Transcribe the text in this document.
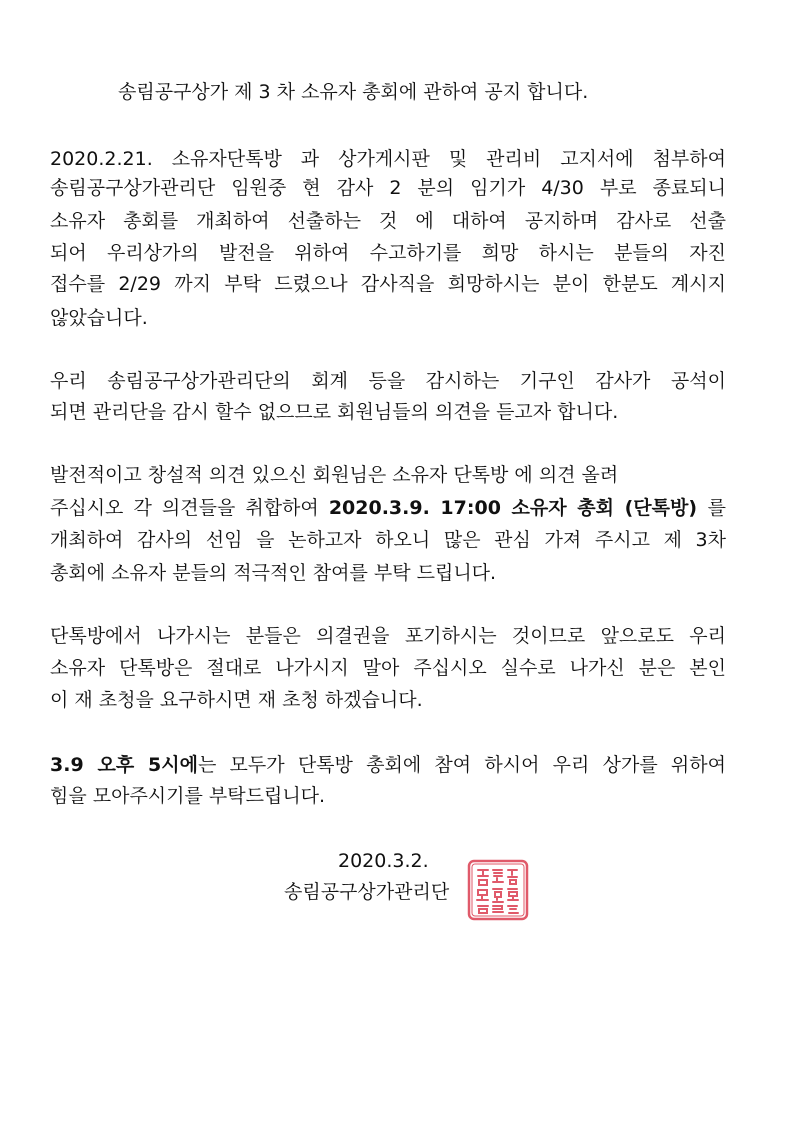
송림공구상가 제 3 차 소유자 총회에 관하여 공지 합니다.

2020.2.21. 소유자단톡방 과 상가게시판 및 관리비 고지서에 첨부하여

송림공구상가관리단 임원중 현 감사 2 분의 임기가 4/30 부로 종료되니

소유자 총회를 개최하여 선출하는 것 에 대하여 공지하며 감사로 선출

되어 우리상가의 발전을 위하여 수고하기를 희망 하시는 분들의 자진

접수를 2/29 까지 부탁 드렸으나 감사직을 희망하시는 분이 한분도 계시지

않았습니다.

우리 송림공구상가관리단의 회계 등을 감시하는 기구인 감사가 공석이

되면 관리단을 감시 할수 없으므로 회원님들의 의견을 듣고자 합니다.

발전적이고 창설적 의견 있으신 회원님은 소유자 단톡방 에 의견 올려

주십시오 각 의견들을 취합하여 2020.3.9. 17:00 소유자 총회 (단톡방) 를

개최하여 감사의 선임 을 논하고자 하오니 많은 관심 가져 주시고 제 3차

총회에 소유자 분들의 적극적인 참여를 부탁 드립니다.

단톡방에서 나가시는 분들은 의결권을 포기하시는 것이므로 앞으로도 우리

소유자 단톡방은 절대로 나가시지 말아 주십시오 실수로 나가신 분은 본인

이 재 초청을 요구하시면 재 초청 하겠습니다.

3.9 오후 5시에는 모두가 단톡방 총회에 참여 하시어 우리 상가를 위하여

힘을 모아주시기를 부탁드립니다.

2020.3.2.

송림공구상가관리단
